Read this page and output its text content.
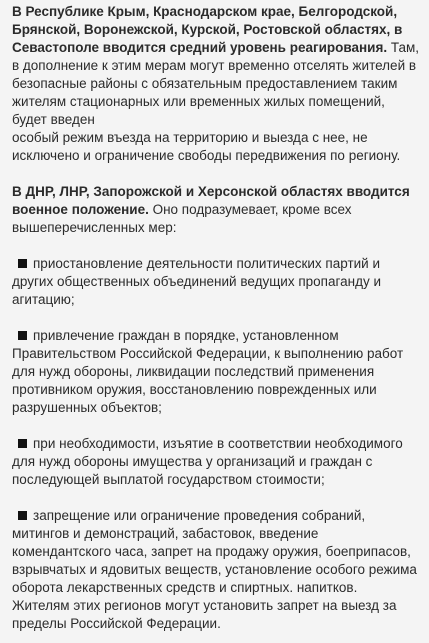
В Республике Крым, Краснодарском крае, Белгородской, Брянской, Воронежской, Курской, Ростовской областях, в Севастополе вводится средний уровень реагирования. Там, в дополнение к этим мерам могут временно отселять жителей в безопасные районы с обязательным предоставлением таким жителям стационарных или временных жилых помещений, будет введен
особый режим въезда на территорию и выезда с нее, не исключено и ограничение свободы передвижения по региону.

В ДНР, ЛНР, Запорожской и Херсонской областях вводится военное положение. Оно подразумевает, кроме всех вышеперечисленных мер:

приостановление деятельности политических партий и других общественных объединений ведущих пропаганду и агитацию;
привлечение граждан в порядке, установленном Правительством Российской Федерации, к выполнению работ для нужд обороны, ликвидации последствий применения противником оружия, восстановлению поврежденных или разрушенных объектов;
при необходимости, изъятие в соответствии необходимого для нужд обороны имущества у организаций и граждан с последующей выплатой государством стоимости;
запрещение или ограничение проведения собраний, митингов и демонстраций, забастовок, введение комендантского часа, запрет на продажу оружия, боеприпасов, взрывчатых и ядовитых веществ, установление особого режима оборота лекарственных средств и спиртных. напитков.
Жителям этих регионов могут установить запрет на выезд за пределы Российской Федерации.
